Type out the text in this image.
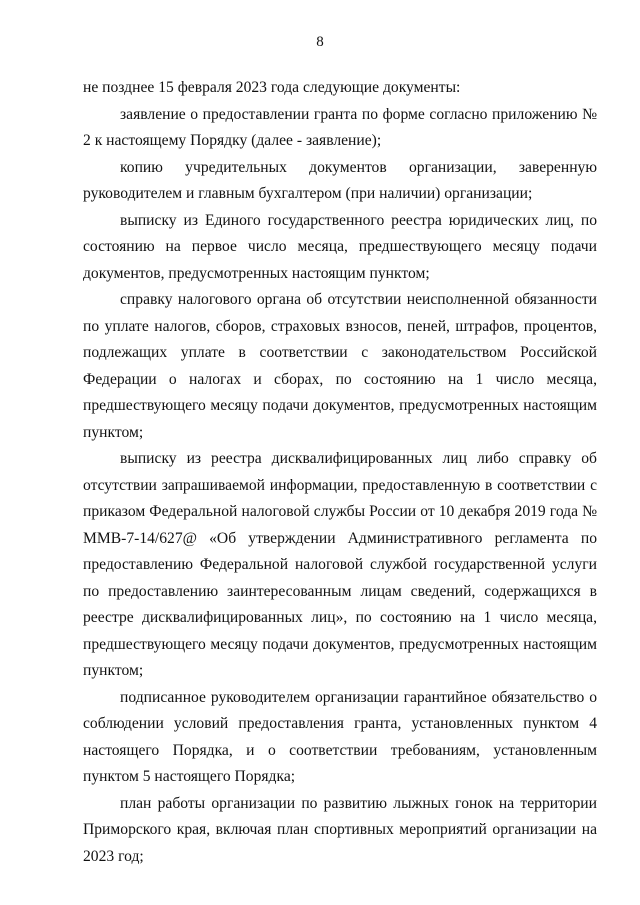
8

не позднее 15 февраля 2023 года следующие документы:

заявление о предоставлении гранта по форме согласно приложению № 2 к настоящему Порядку (далее - заявление);

копию учредительных документов организации, заверенную руководителем и главным бухгалтером (при наличии) организации;

выписку из Единого государственного реестра юридических лиц, по состоянию на первое число месяца, предшествующего месяцу подачи документов, предусмотренных настоящим пунктом;

справку налогового органа об отсутствии неисполненной обязанности по уплате налогов, сборов, страховых взносов, пеней, штрафов, процентов, подлежащих уплате в соответствии с законодательством Российской Федерации о налогах и сборах, по состоянию на 1 число месяца, предшествующего месяцу подачи документов, предусмотренных настоящим пунктом;

выписку из реестра дисквалифицированных лиц либо справку об отсутствии запрашиваемой информации, предоставленную в соответствии с приказом Федеральной налоговой службы России от 10 декабря 2019 года № ММВ-7-14/627@ «Об утверждении Административного регламента по предоставлению Федеральной налоговой службой государственной услуги по предоставлению заинтересованным лицам сведений, содержащихся в реестре дисквалифицированных лиц», по состоянию на 1 число месяца, предшествующего месяцу подачи документов, предусмотренных настоящим пунктом;

подписанное руководителем организации гарантийное обязательство о соблюдении условий предоставления гранта, установленных пунктом 4 настоящего Порядка, и о соответствии требованиям, установленным пунктом 5 настоящего Порядка;

план работы организации по развитию лыжных гонок на территории Приморского края, включая план спортивных мероприятий организации на 2023 год;
